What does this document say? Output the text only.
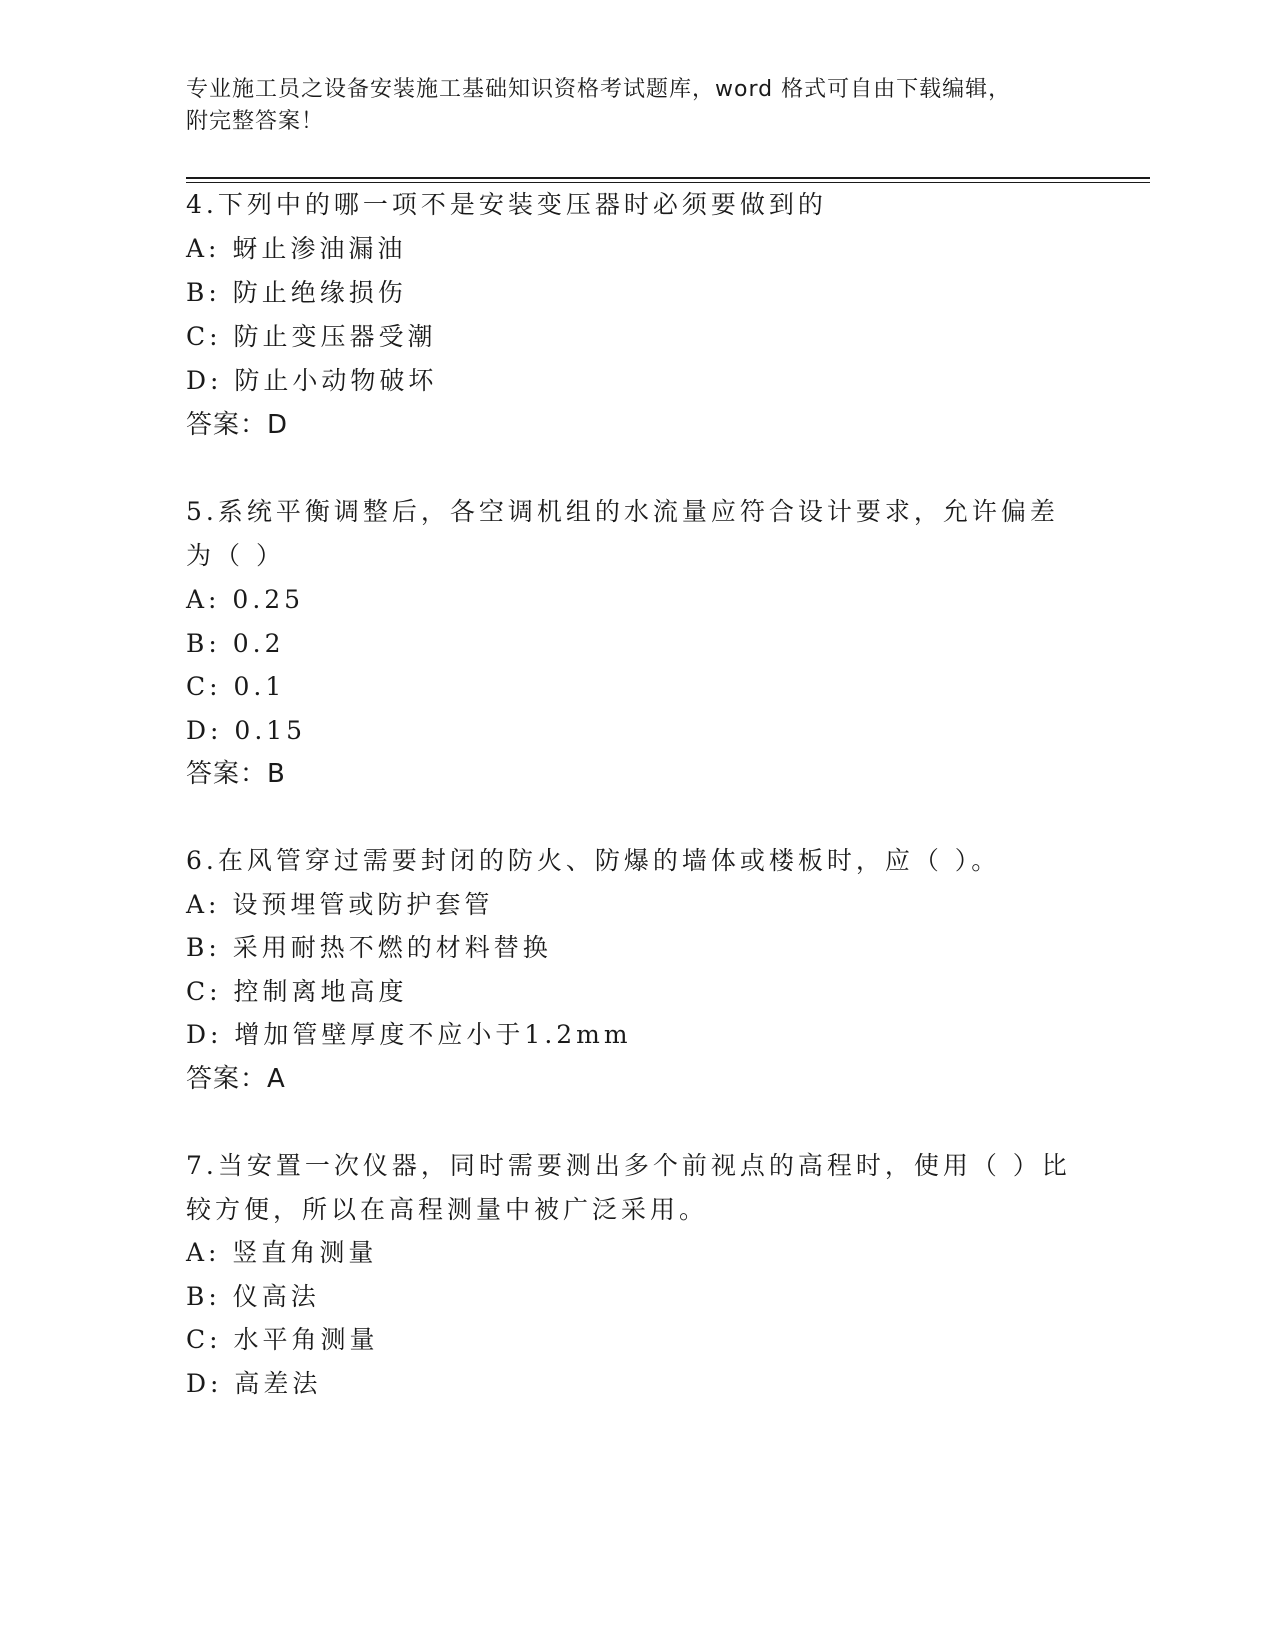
专业施工员之设备安装施工基础知识资格考试题库，word 格式可自由下载编辑，
附完整答案！
4.下列中的哪一项不是安装变压器时必须要做到的
A: 蚜止渗油漏油
B: 防止绝缘损伤
C: 防止变压器受潮
D: 防止小动物破坏
答案：D
5.系统平衡调整后，各空调机组的水流量应符合设计要求，允许偏差
为（ ）
A: 0.25
B: 0.2
C: 0.1
D: 0.15
答案：B
6.在风管穿过需要封闭的防火、防爆的墙体或楼板时，应（ ）。
A: 设预埋管或防护套管
B: 采用耐热不燃的材料替换
C: 控制离地高度
D: 增加管壁厚度不应小于1.2mm
答案：A
7.当安置一次仪器，同时需要测出多个前视点的高程时，使用（ ）比
较方便，所以在高程测量中被广泛采用。
A: 竖直角测量
B: 仪高法
C: 水平角测量
D: 高差法
